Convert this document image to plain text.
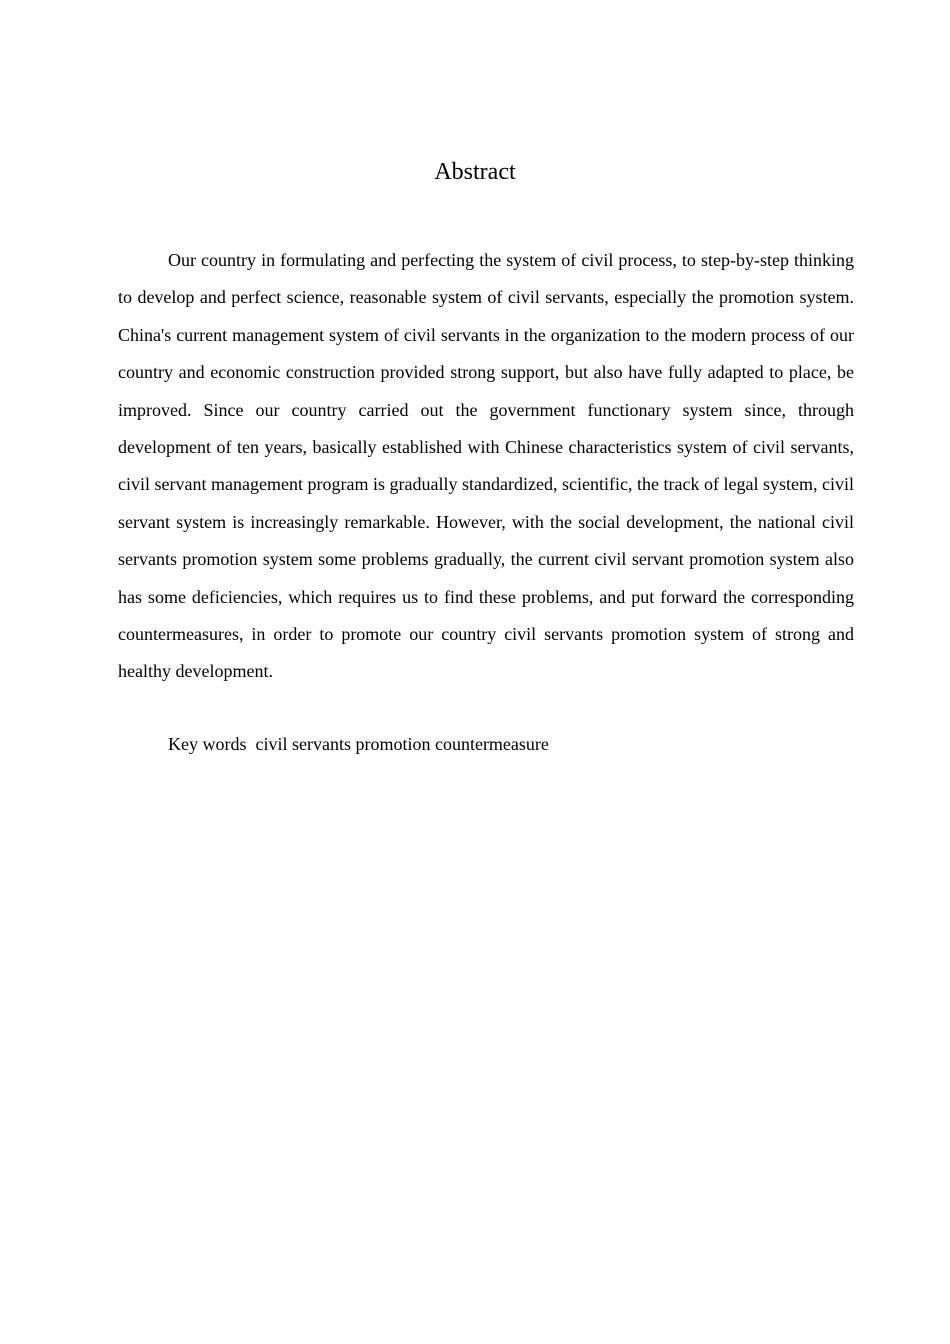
Abstract

Our country in formulating and perfecting the system of civil process, to step-by-step thinking to develop and perfect science, reasonable system of civil servants, especially the promotion system. China's current management system of civil servants in the organization to the modern process of our country and economic construction provided strong support, but also have fully adapted to place, be improved. Since our country carried out the government functionary system since, through development of ten years, basically established with Chinese characteristics system of civil servants, civil servant management program is gradually standardized, scientific, the track of legal system, civil servant system is increasingly remarkable. However, with the social development, the national civil servants promotion system some problems gradually, the current civil servant promotion system also has some deficiencies, which requires us to find these problems, and put forward the corresponding countermeasures, in order to promote our country civil servants promotion system of strong and healthy development.

Key words  civil servants promotion countermeasure
